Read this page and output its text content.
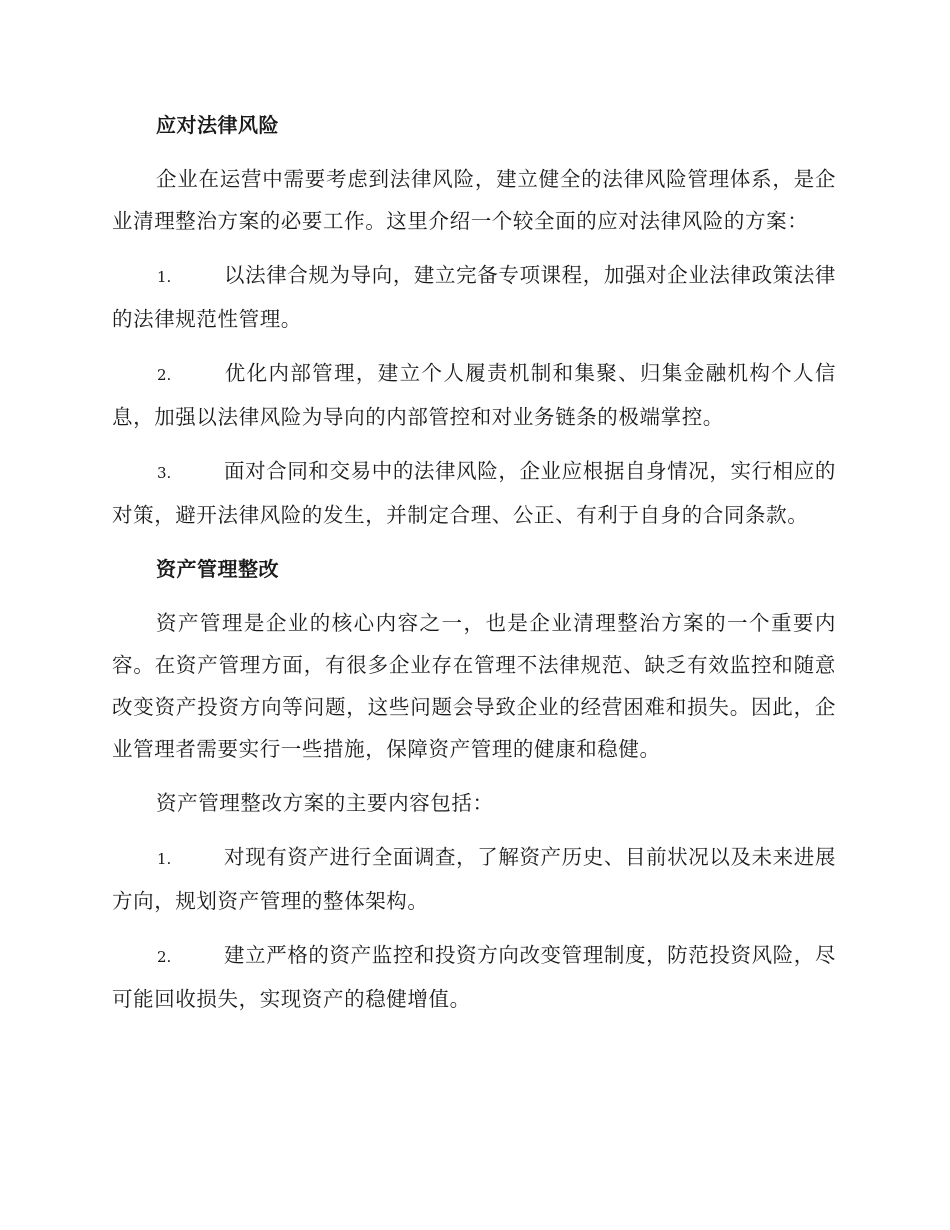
应对法律风险
企业在运营中需要考虑到法律风险，建立健全的法律风险管理体系，是企业清理整治方案的必要工作。这里介绍一个较全面的应对法律风险的方案：
1.	以法律合规为导向，建立完备专项课程，加强对企业法律政策法律的法律规范性管理。
2.	优化内部管理，建立个人履责机制和集聚、归集金融机构个人信息，加强以法律风险为导向的内部管控和对业务链条的极端掌控。
3.	面对合同和交易中的法律风险，企业应根据自身情况，实行相应的对策，避开法律风险的发生，并制定合理、公正、有利于自身的合同条款。
资产管理整改
资产管理是企业的核心内容之一，也是企业清理整治方案的一个重要内容。在资产管理方面，有很多企业存在管理不法律规范、缺乏有效监控和随意改变资产投资方向等问题，这些问题会导致企业的经营困难和损失。因此，企业管理者需要实行一些措施，保障资产管理的健康和稳健。
资产管理整改方案的主要内容包括：
1.	对现有资产进行全面调查，了解资产历史、目前状况以及未来进展方向，规划资产管理的整体架构。
2.	建立严格的资产监控和投资方向改变管理制度，防范投资风险，尽可能回收损失，实现资产的稳健增值。
